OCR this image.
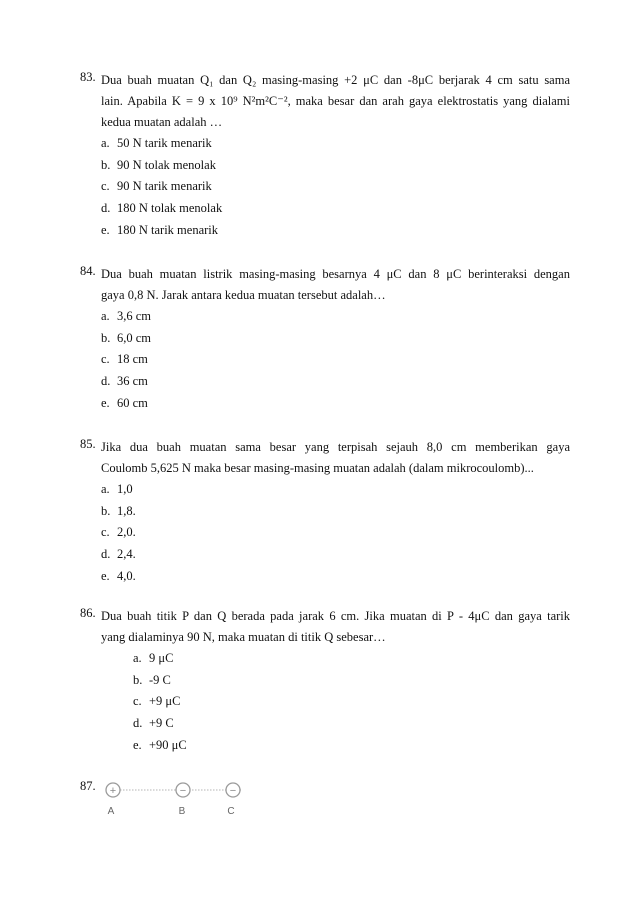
83. Dua buah muatan Q₁ dan Q₂ masing-masing +2 μC dan -8μC berjarak 4 cm satu sama
lain. Apabila K = 9 x 10⁹ N²m²C⁻², maka besar dan arah gaya elektrostatis yang dialami
kedua muatan adalah …
a. 50 N tarik menarik
b. 90 N tolak menolak
c. 90 N tarik menarik
d. 180 N tolak menolak
e. 180 N tarik menarik
84. Dua buah muatan listrik masing-masing besarnya 4 μC dan 8 μC berinteraksi dengan
gaya 0,8 N. Jarak antara kedua muatan tersebut adalah…
a. 3,6 cm
b. 6,0 cm
c. 18 cm
d. 36 cm
e. 60 cm
85. Jika dua buah muatan sama besar yang terpisah sejauh 8,0 cm memberikan gaya
Coulomb 5,625 N maka besar masing-masing muatan adalah (dalam mikrocoulomb)...
a. 1,0
b. 1,8.
c. 2,0.
d. 2,4.
e. 4,0.
86. Dua buah titik P dan Q berada pada jarak 6 cm. Jika muatan di P - 4μC dan gaya tarik
yang dialaminya 90 N, maka muatan di titik Q sebesar…
a. 9 μC
b. -9 C
c. +9 μC
d. +9 C
e. +90 μC
87. +
A
−
B
−
C
